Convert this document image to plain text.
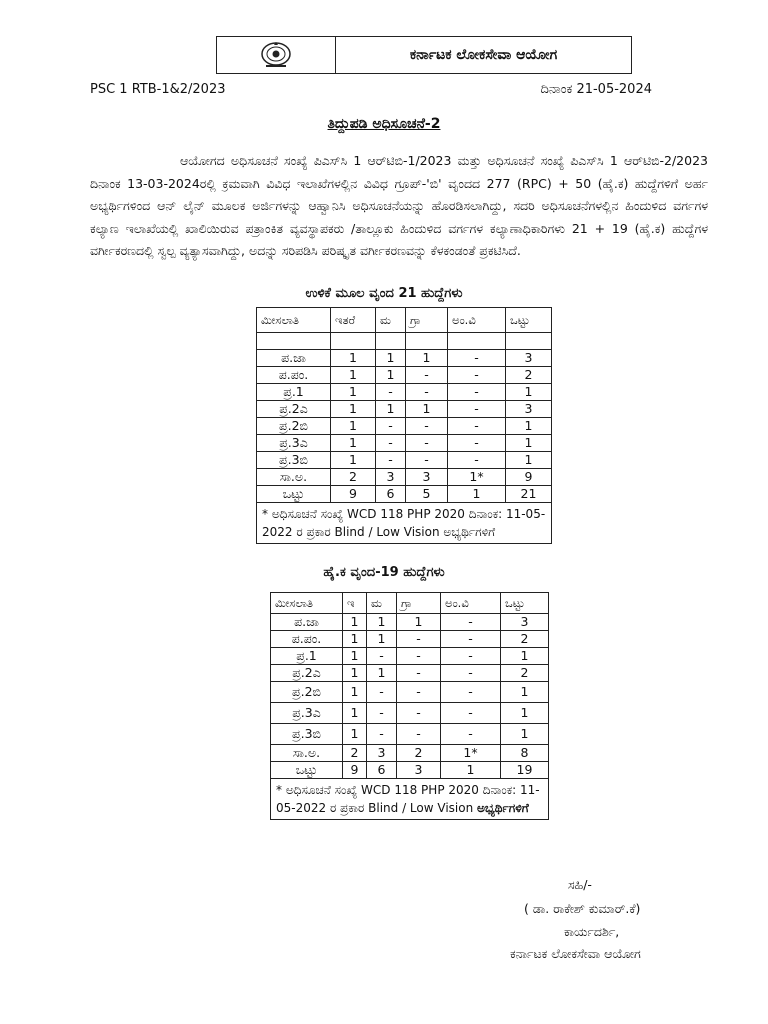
ಕರ್ನಾಟಕ ಲೋಕಸೇವಾ ಆಯೋಗ
PSC 1 RTB-1&2/2023	ದಿನಾಂಕ 21-05-2024
ತಿದ್ದುಪಡಿ ಅಧಿಸೂಚನೆ-2

ಆಯೋಗದ ಅಧಿಸೂಚನೆ ಸಂಖ್ಯೆ ಪಿಎಸ್‌ಸಿ 1 ಆರ್‌ಟಿಬಿ-1/2023 ಮತ್ತು ಅಧಿಸೂಚನೆ ಸಂಖ್ಯೆ ಪಿಎಸ್‌ಸಿ 1 ಆರ್‌ಟಿಬಿ-2/2023 ದಿನಾಂಕ 13-03-2024ರಲ್ಲಿ ಕ್ರಮವಾಗಿ ವಿವಿಧ ಇಲಾಖೆಗಳಲ್ಲಿನ ವಿವಿಧ ಗ್ರೂಪ್-'ಬಿ' ವೃಂದದ 277 (RPC) + 50 (ಹೈ.ಕ) ಹುದ್ದೆಗಳಿಗೆ ಅರ್ಹ ಅಭ್ಯರ್ಥಿಗಳಿಂದ ಆನ್ ಲೈನ್ ಮೂಲಕ ಅರ್ಜಿಗಳನ್ನು ಆಹ್ವಾನಿಸಿ ಅಧಿಸೂಚನೆಯನ್ನು ಹೊರಡಿಸಲಾಗಿದ್ದು, ಸದರಿ ಅಧಿಸೂಚನೆಗಳಲ್ಲಿನ ಹಿಂದುಳಿದ ವರ್ಗಗಳ ಕಲ್ಯಾಣ ಇಲಾಖೆಯಲ್ಲಿ ಖಾಲಿಯಿರುವ ಪತ್ರಾಂಕಿತ ವ್ಯವಸ್ಥಾಪಕರು /ತಾಲ್ಲೂಕು ಹಿಂದುಳಿದ ವರ್ಗಗಳ ಕಲ್ಯಾಣಾಧಿಕಾರಿಗಳು 21 + 19 (ಹೈ.ಕ) ಹುದ್ದೆಗಳ ವರ್ಗೀಕರಣದಲ್ಲಿ ಸ್ವಲ್ಪ ವ್ಯತ್ಯಾಸವಾಗಿದ್ದು, ಅದನ್ನು ಸರಿಪಡಿಸಿ ಪರಿಷ್ಕೃತ ವರ್ಗೀಕರಣವನ್ನು ಕೆಳಕಂಡಂತೆ ಪ್ರಕಟಿಸಿದೆ.

ಉಳಿಕೆ ಮೂಲ ವೃಂದ 21 ಹುದ್ದೆಗಳು
ಮೀಸಲಾತಿ	ಇತರೆ	ಮ	ಗ್ರಾ	ಅಂ.ವಿ	ಒಟ್ಟು

ಪ.ಜಾ	1	1	1	-	3
ಪ.ಪಂ.	1	1	-	-	2
ಪ್ರ.1	1	-	-	-	1
ಪ್ರ.2ಎ	1	1	1	-	3
ಪ್ರ.2ಬಿ	1	-	-	-	1
ಪ್ರ.3ಎ	1	-	-	-	1
ಪ್ರ.3ಬಿ	1	-	-	-	1
ಸಾ.ಅ.	2	3	3	1*	9
ಒಟ್ಟು	9	6	5	1	21
* ಅಧಿಸೂಚನೆ ಸಂಖ್ಯೆ WCD 118 PHP 2020 ದಿನಾಂಕ: 11-05-2022 ರ ಪ್ರಕಾರ Blind / Low Vision ಅಭ್ಯರ್ಥಿಗಳಿಗೆ					
ಹೈ.ಕ ವೃಂದ-19 ಹುದ್ದೆಗಳು
ಮೀಸಲಾತಿ	ಇ	ಮ	ಗ್ರಾ	ಅಂ.ವಿ	ಒಟ್ಟು
ಪ.ಜಾ	1	1	1	-	3
ಪ.ಪಂ.	1	1	-	-	2
ಪ್ರ.1	1	-	-	-	1
ಪ್ರ.2ಎ	1	1	-	-	2
ಪ್ರ.2ಬಿ	1	-	-	-	1
ಪ್ರ.3ಎ	1	-	-	-	1
ಪ್ರ.3ಬಿ	1	-	-	-	1
ಸಾ.ಅ.	2	3	2	1*	8
ಒಟ್ಟು	9	6	3	1	19
* ಅಧಿಸೂಚನೆ ಸಂಖ್ಯೆ WCD 118 PHP 2020 ದಿನಾಂಕ: 11-05-2022 ರ ಪ್ರಕಾರ Blind / Low Vision ಅಭ್ಯರ್ಥಿಗಳಿಗೆ					
ಸಹಿ/-
( ಡಾ. ರಾಕೇಶ್ ಕುಮಾರ್.ಕೆ)
ಕಾರ್ಯದರ್ಶಿ,
ಕರ್ನಾಟಕ ಲೋಕಸೇವಾ ಆಯೋಗ
